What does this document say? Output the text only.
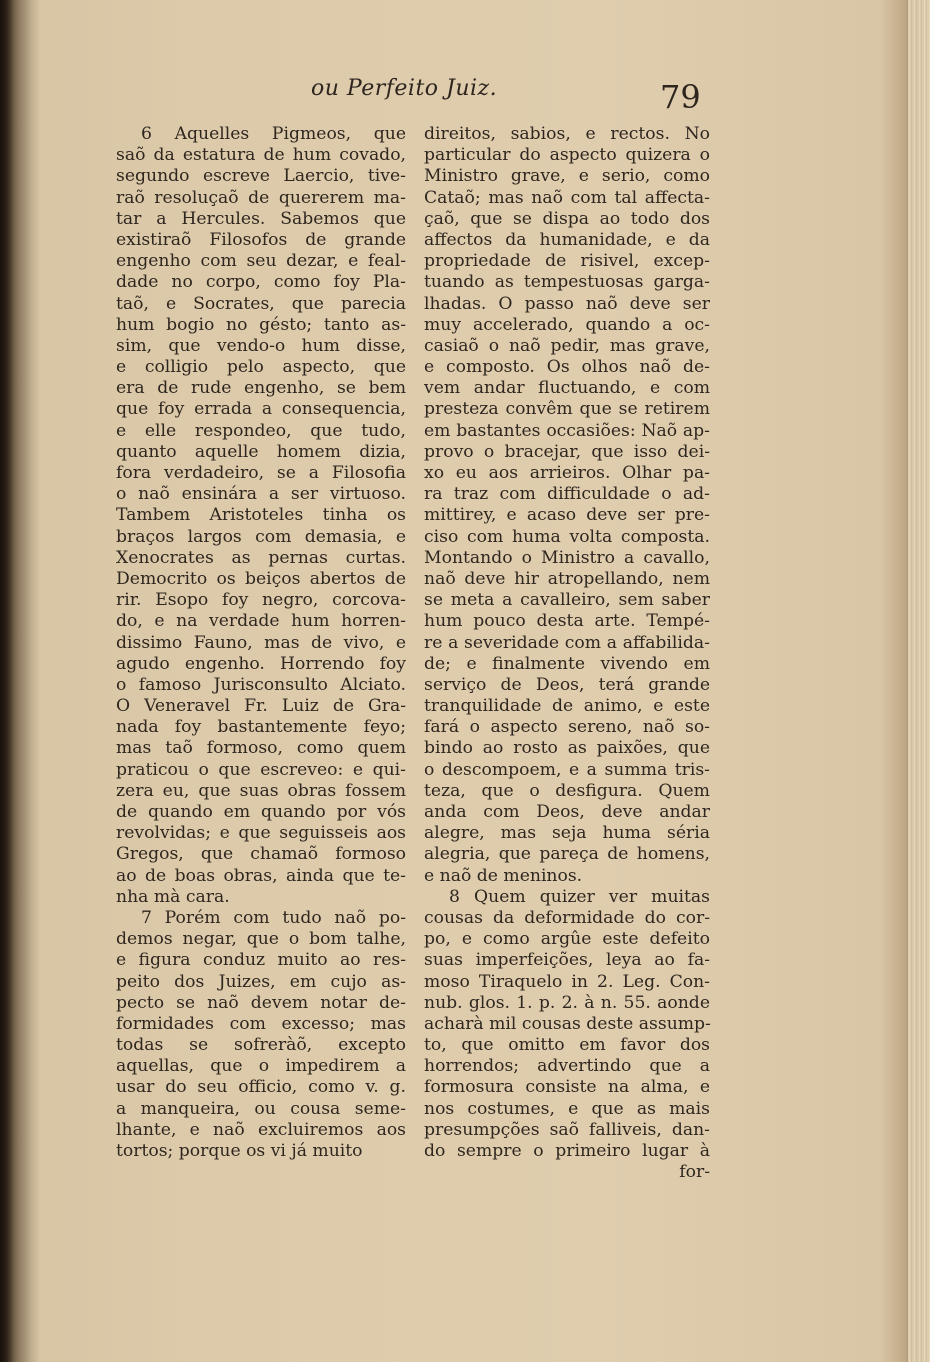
ou Perfeito Juiz.	79
6 Aquelles Pigmeos, que
saõ da estatura de hum covado,
segundo escreve Laercio, tive-
raõ resoluçaõ de quererem ma-
tar a Hercules. Sabemos que
existiraõ Filosofos de grande
engenho com seu dezar, e feal-
dade no corpo, como foy Pla-
taõ, e Socrates, que parecia
hum bogio no gésto; tanto as-
sim, que vendo-o hum disse,
e colligio pelo aspecto, que
era de rude engenho, se bem
que foy errada a consequencia,
e elle respondeo, que tudo,
quanto aquelle homem dizia,
fora verdadeiro, se a Filosofia
o naõ ensinára a ser virtuoso.
Tambem Aristoteles tinha os
braços largos com demasia, e
Xenocrates as pernas curtas.
Democrito os beiços abertos de
rir. Esopo foy negro, corcova-
do, e na verdade hum horren-
dissimo Fauno, mas de vivo, e
agudo engenho. Horrendo foy
o famoso Jurisconsulto Alciato.
O Veneravel Fr. Luiz de Gra-
nada foy bastantemente feyo;
mas taõ formoso, como quem
praticou o que escreveo: e qui-
zera eu, que suas obras fossem
de quando em quando por vós
revolvidas; e que seguisseis aos
Gregos, que chamaõ formoso
ao de boas obras, ainda que te-
nha mà cara.
7 Porém com tudo naõ po-
demos negar, que o bom talhe,
e figura conduz muito ao res-
peito dos Juizes, em cujo as-
pecto se naõ devem notar de-
formidades com excesso; mas
todas se sofreràõ, excepto
aquellas, que o impedirem a
usar do seu officio, como v. g.
a manqueira, ou cousa seme-
lhante, e naõ excluiremos aos
tortos; porque os vi já muito
direitos, sabios, e rectos. No
particular do aspecto quizera o
Ministro grave, e serio, como
Cataõ; mas naõ com tal affecta-
çaõ, que se dispa ao todo dos
affectos da humanidade, e da
propriedade de risivel, excep-
tuando as tempestuosas garga-
lhadas. O passo naõ deve ser
muy accelerado, quando a oc-
casiaõ o naõ pedir, mas grave,
e composto. Os olhos naõ de-
vem andar fluctuando, e com
presteza convêm que se retirem
em bastantes occasiões: Naõ ap-
provo o bracejar, que isso dei-
xo eu aos arrieiros. Olhar pa-
ra traz com difficuldade o ad-
mittirey, e acaso deve ser pre-
ciso com huma volta composta.
Montando o Ministro a cavallo,
naõ deve hir atropellando, nem
se meta a cavalleiro, sem saber
hum pouco desta arte. Tempé-
re a severidade com a affabilida-
de; e finalmente vivendo em
serviço de Deos, terá grande
tranquilidade de animo, e este
fará o aspecto sereno, naõ so-
bindo ao rosto as paixões, que
o descompoem, e a summa tris-
teza, que o desfigura. Quem
anda com Deos, deve andar
alegre, mas seja huma séria
alegria, que pareça de homens,
e naõ de meninos.
8 Quem quizer ver muitas
cousas da deformidade do cor-
po, e como argûe este defeito
suas imperfeições, leya ao fa-
moso Tiraquelo in 2. Leg. Con-
nub. glos. 1. p. 2. à n. 55. aonde
acharà mil cousas deste assump-
to, que omitto em favor dos
horrendos; advertindo que a
formosura consiste na alma, e
nos costumes, e que as mais
presumpções saõ falliveis, dan-
do sempre o primeiro lugar à
for-
